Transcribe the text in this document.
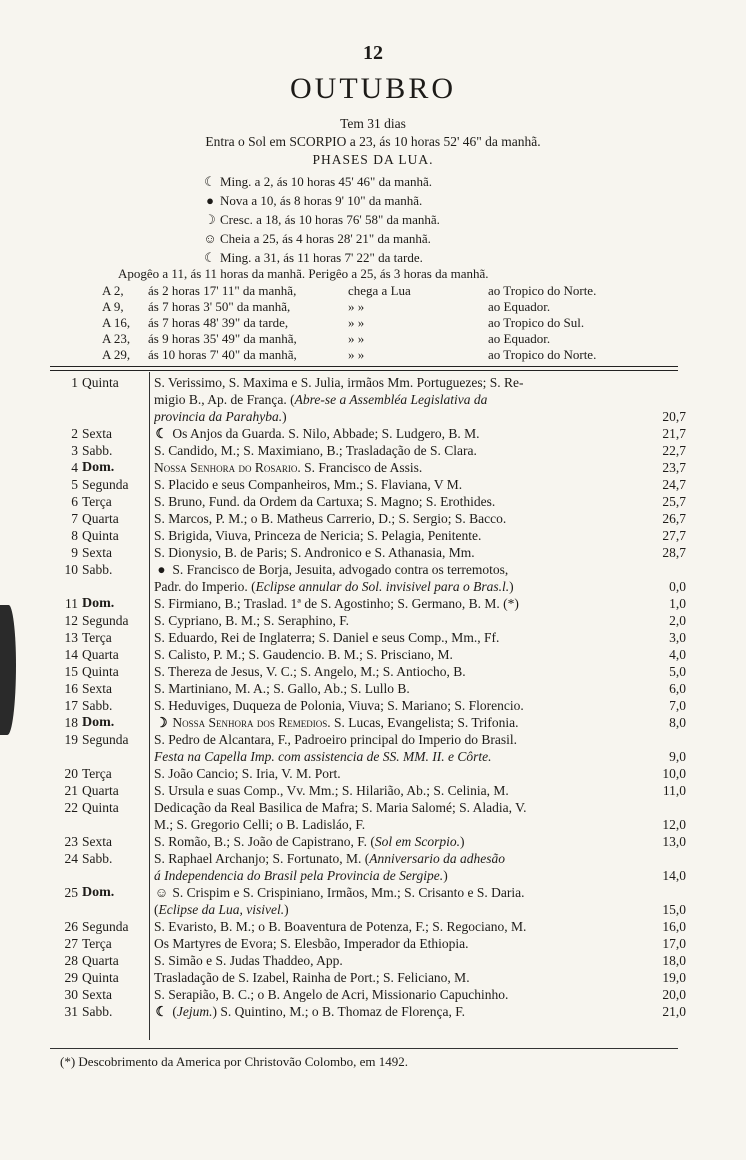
12
OUTUBRO
Tem 31 dias
Entra o Sol em SCORPIO a 23, ás 10 horas 52' 46" da manhã.
PHASES DA LUA.
☾ Ming. a 2, ás 10 horas 45' 46" da manhã.
● Nova a 10, ás 8 horas 9' 10" da manhã.
☽ Cresc. a 18, ás 10 horas 76' 58" da manhã.
☺ Cheia a 25, ás 4 horas 28' 21" da manhã.
☾ Ming. a 31, ás 11 horas 7' 22" da tarde.
Apogêo a 11, ás 11 horas da manhã. Perigêo a 25, ás 3 horas da manhã.
A 2, ás 2 horas 17' 11" da manhã,	chega a Lua	ao Tropico do Norte.
A 9, ás 7 horas 3' 50" da manhã,	» »	ao Equador.
A 16, ás 7 horas 48' 39" da tarde,	» »	ao Tropico do Sul.
A 23, ás 9 horas 35' 49" da manhã,	» »	ao Equador.
A 29, ás 10 horas 7' 40" da manhã,	» »	ao Tropico do Norte.
1 Quinta	S. Verissimo, S. Maxima e S. Julia, irmãos Mm. Portuguezes; S. Re-
migio B., Ap. de França. (Abre-se a Assembléa Legislativa da
provincia da Parahyba.)	20,7
2 Sexta	☾ Os Anjos da Guarda. S. Nilo, Abbade; S. Ludgero, B. M.	21,7
3 Sabb.	S. Candido, M.; S. Maximiano, B.; Trasladação de S. Clara.	22,7
4 Dom.	Nossa Senhora do Rosario. S. Francisco de Assis.	23,7
5 Segunda	S. Placido e seus Companheiros, Mm.; S. Flaviana, V M.	24,7
6 Terça	S. Bruno, Fund. da Ordem da Cartuxa; S. Magno; S. Erothides.	25,7
7 Quarta	S. Marcos, P. M.; o B. Matheus Carrerio, D.; S. Sergio; S. Bacco.	26,7
8 Quinta	S. Brigida, Viuva, Princeza de Nericia; S. Pelagia, Penitente.	27,7
9 Sexta	S. Dionysio, B. de Paris; S. Andronico e S. Athanasia, Mm.	28,7
10 Sabb.	● S. Francisco de Borja, Jesuita, advogado contra os terremotos,
Padr. do Imperio. (Eclipse annular do Sol. invisivel para o Bras.l.)	0,0
11 Dom.	S. Firmiano, B.; Traslad. 1ª de S. Agostinho; S. Germano, B. M. (*)	1,0
12 Segunda	S. Cypriano, B. M.; S. Seraphino, F.	2,0
13 Terça	S. Eduardo, Rei de Inglaterra; S. Daniel e seus Comp., Mm., Ff.	3,0
14 Quarta	S. Calisto, P. M.; S. Gaudencio. B. M.; S. Prisciano, M.	4,0
15 Quinta	S. Thereza de Jesus, V. C.; S. Angelo, M.; S. Antiocho, B.	5,0
16 Sexta	S. Martiniano, M. A.; S. Gallo, Ab.; S. Lullo B.	6,0
17 Sabb.	S. Heduviges, Duqueza de Polonia, Viuva; S. Mariano; S. Florencio.	7,0
18 Dom.	☽ Nossa Senhora dos Remedios. S. Lucas, Evangelista; S. Trifonia.	8,0
19 Segunda	S. Pedro de Alcantara, F., Padroeiro principal do Imperio do Brasil.
Festa na Capella Imp. com assistencia de SS. MM. II. e Côrte.	9,0
20 Terça	S. João Cancio; S. Iria, V. M. Port.	10,0
21 Quarta	S. Ursula e suas Comp., Vv. Mm.; S. Hilarião, Ab.; S. Celinia, M.	11,0
22 Quinta	Dedicação da Real Basilica de Mafra; S. Maria Salomé; S. Aladia, V.
M.; S. Gregorio Celli; o B. Ladisláo, F.	12,0
23 Sexta	S. Romão, B.; S. João de Capistrano, F. (Sol em Scorpio.)	13,0
24 Sabb.	S. Raphael Archanjo; S. Fortunato, M. (Anniversario da adhesão
á Independencia do Brasil pela Provincia de Sergipe.)	14,0
25 Dom.	☺ S. Crispim e S. Crispiniano, Irmãos, Mm.; S. Crisanto e S. Daria.
(Eclipse da Lua, visivel.)	15,0
26 Segunda	S. Evaristo, B. M.; o B. Boaventura de Potenza, F.; S. Regociano, M.	16,0
27 Terça	Os Martyres de Evora; S. Elesbão, Imperador da Ethiopia.	17,0
28 Quarta	S. Simão e S. Judas Thaddeo, App.	18,0
29 Quinta	Trasladação de S. Izabel, Rainha de Port.; S. Feliciano, M.	19,0
30 Sexta	S. Serapião, B. C.; o B. Angelo de Acri, Missionario Capuchinho.	20,0
31 Sabb.	☾ (Jejum.) S. Quintino, M.; o B. Thomaz de Florença, F.	21,0
(*) Descobrimento da America por Christovão Colombo, em 1492.
